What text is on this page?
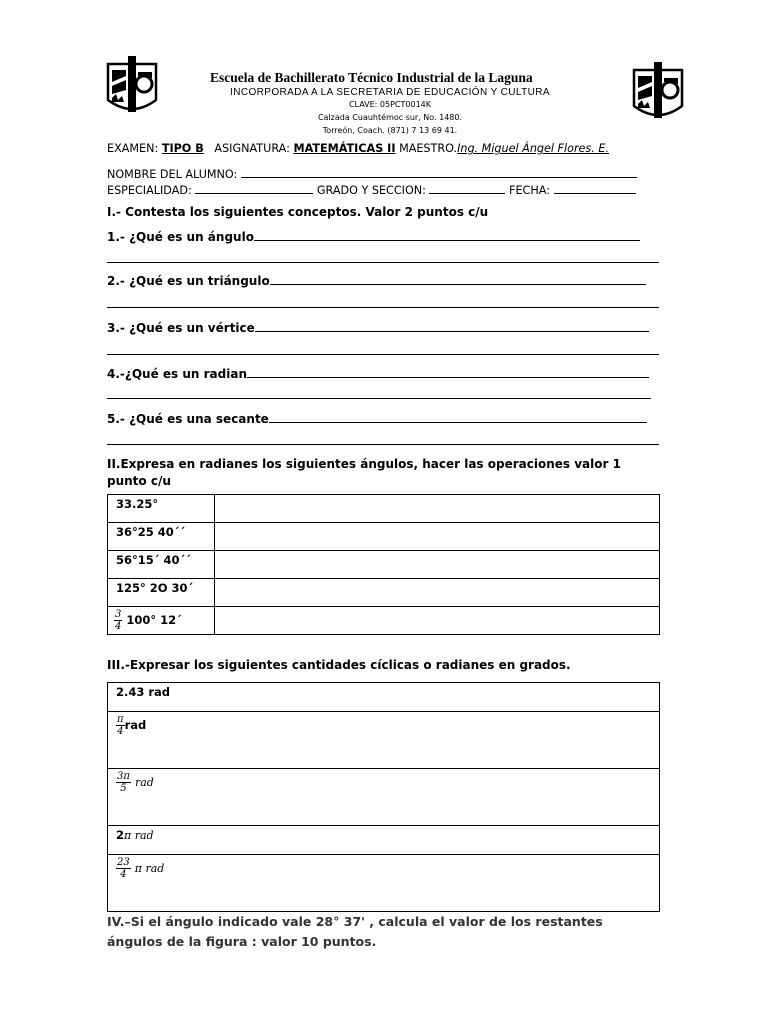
Escuela de Bachillerato Técnico Industrial de la Laguna
INCORPORADA A LA SECRETARIA DE EDUCACIÓN Y CULTURA
CLAVE: 05PCT0014K
Calzada Cuauhtémoc sur, No. 1480.
Torreón, Coach. (871) 7 13 69 41.
EXAMEN: TIPO B ASIGNATURA: MATEMÁTICAS II MAESTRO.Ing. Miguel Ángel Flores. E.
NOMBRE DEL ALUMNO:
ESPECIALIDAD:	GRADO Y SECCION:	FECHA:
I.- Contesta los siguientes conceptos. Valor 2 puntos c/u
1.- ¿Qué es un ángulo
2.- ¿Qué es un triángulo
3.- ¿Qué es un vértice
4.-¿Qué es un radian
5.- ¿Qué es una secante
II.Expresa en radianes los siguientes ángulos, hacer las operaciones valor 1
punto c/u
33.25°	
36°25 40´´	
56°15´ 40´´	
125° 2O 30´	

$\frac{3}{4} 100^\circ$ 12´	
III.-Expresar los siguientes cantidades cíclicas o radianes en grados.
2.43 rad

$\frac{\pi}{4}$ rad

$\frac{3\pi}{5}$ rad
2π rad

$\frac{23}{4}$ π rad
IV.–Si el ángulo indicado vale 28° 37' , calcula el valor de los restantes
ángulos de la figura : valor 10 puntos.
